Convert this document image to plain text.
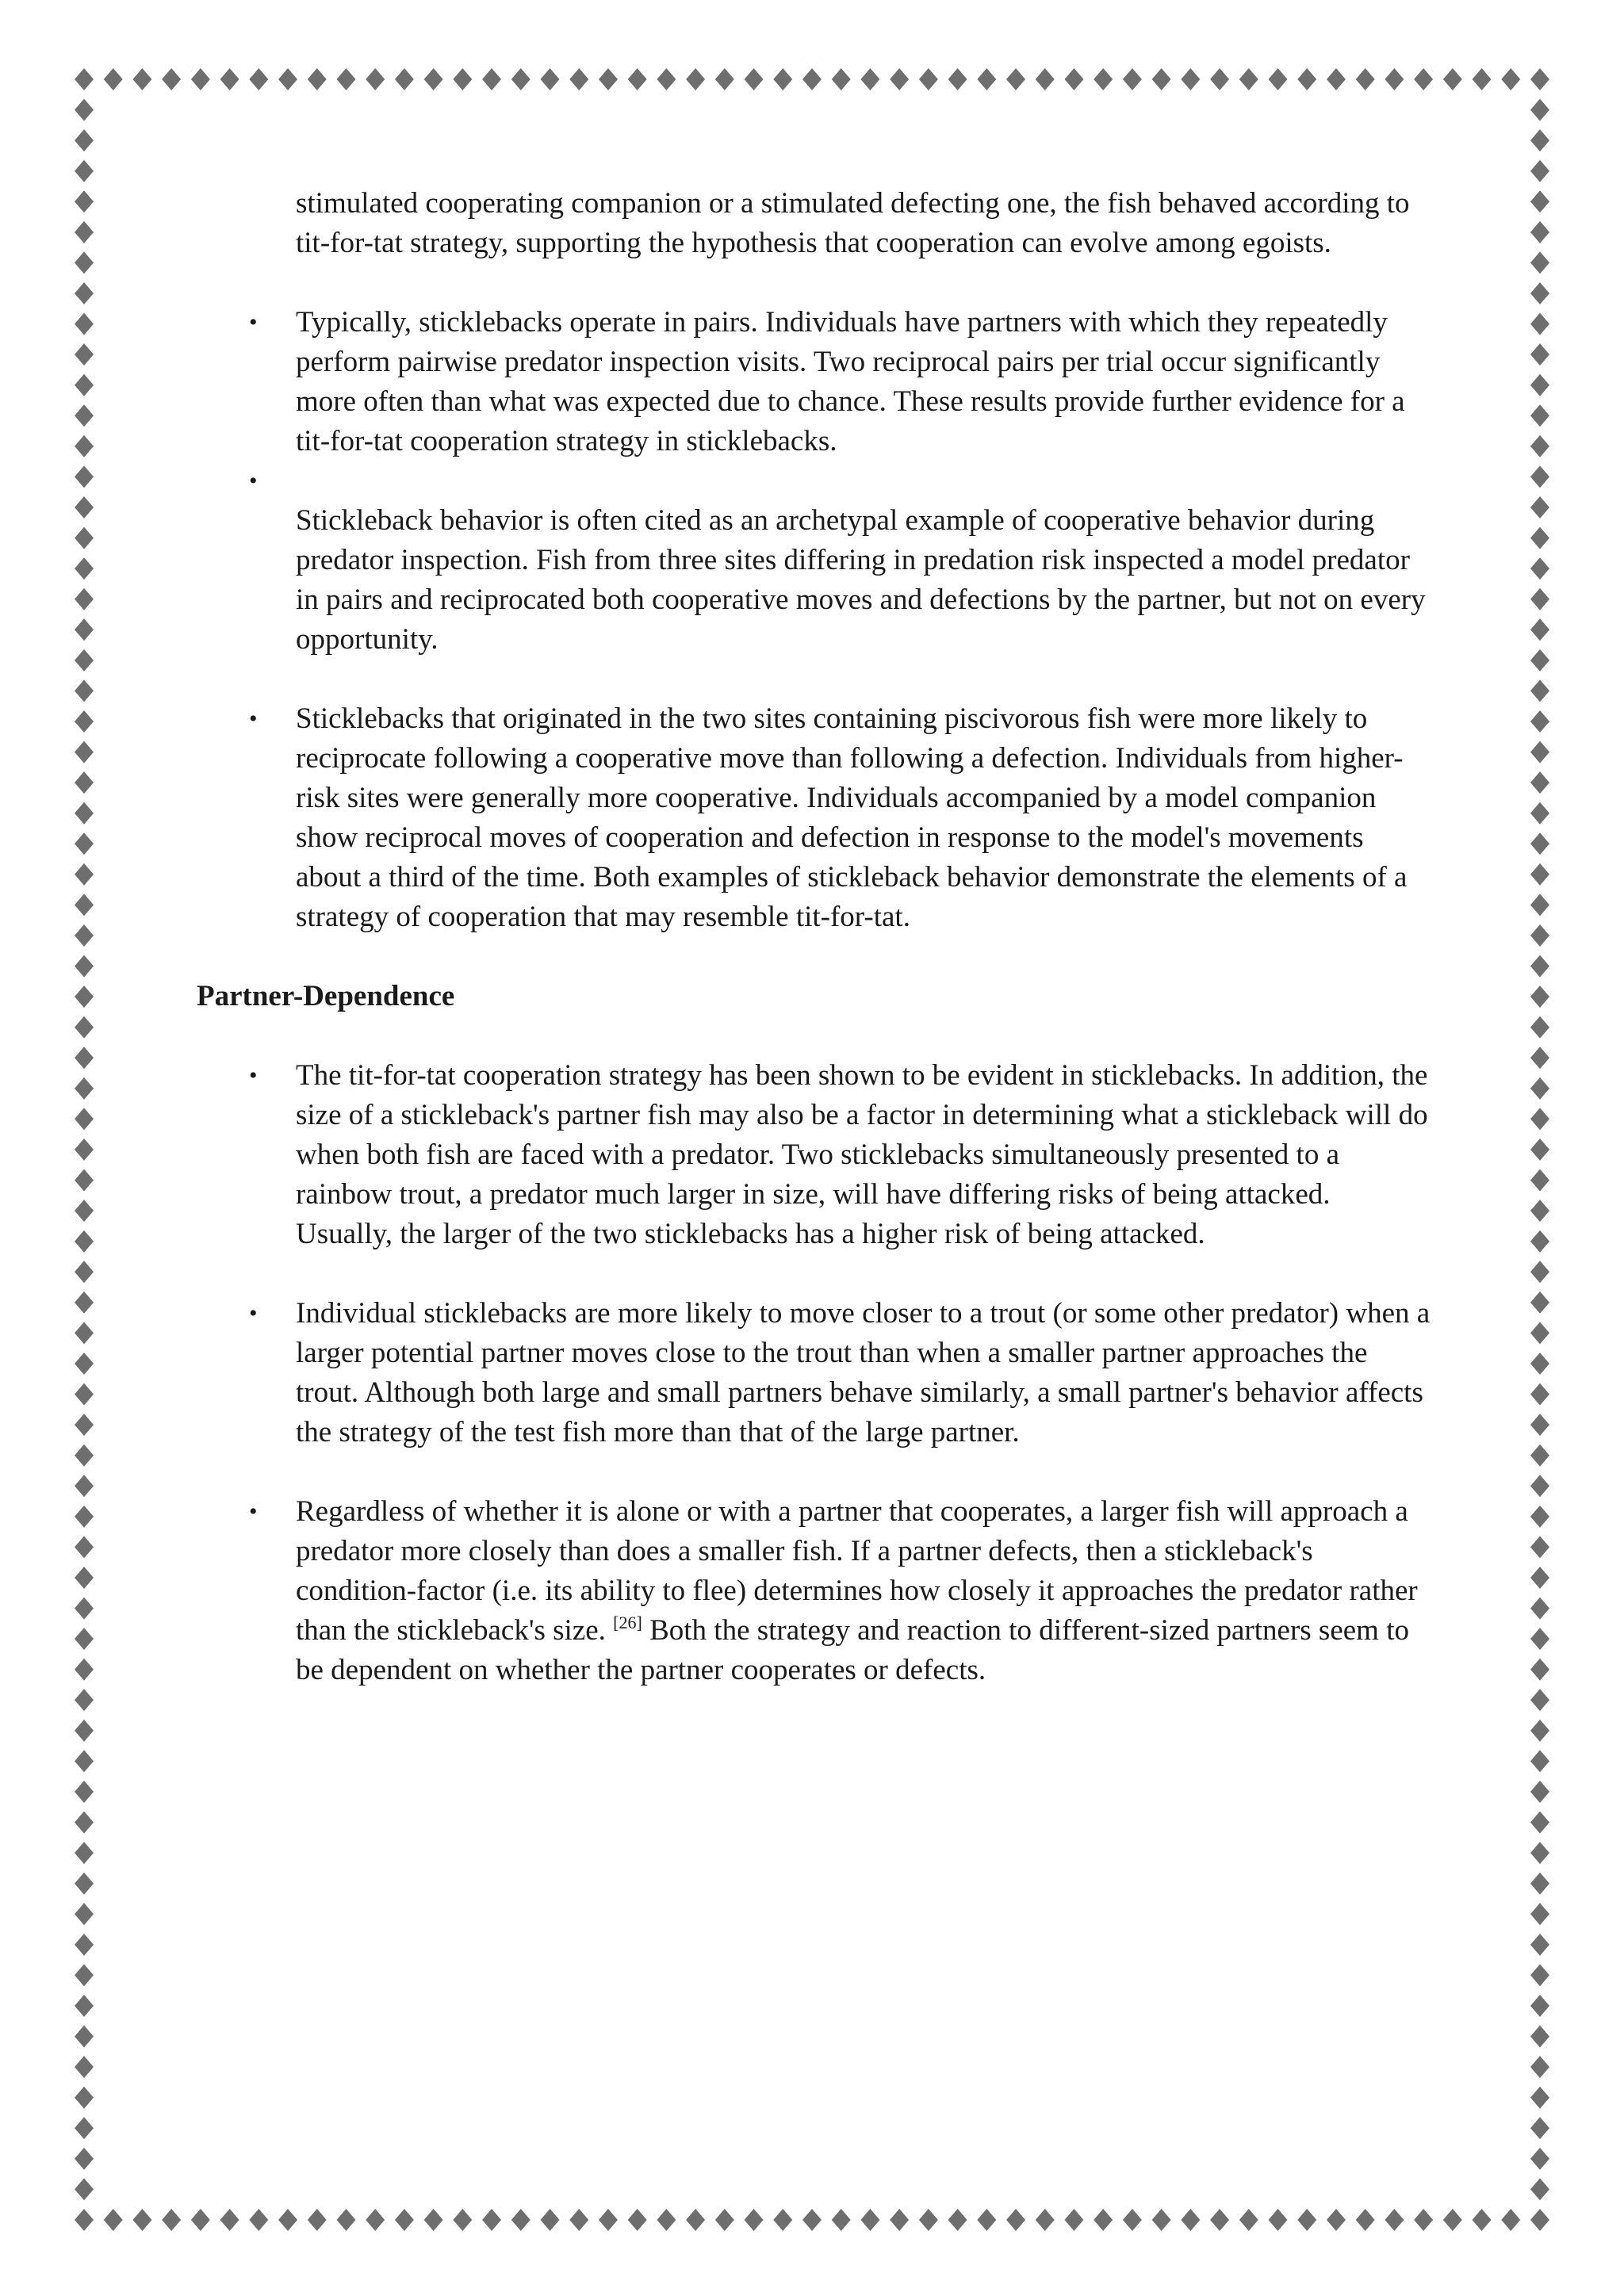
stimulated cooperating companion or a stimulated defecting one, the fish behaved according to tit-for-tat strategy, supporting the hypothesis that cooperation can evolve among egoists.

• Typically, sticklebacks operate in pairs. Individuals have partners with which they repeatedly perform pairwise predator inspection visits. Two reciprocal pairs per trial occur significantly more often than what was expected due to chance. These results provide further evidence for a tit-for-tat cooperation strategy in sticklebacks.
•

Stickleback behavior is often cited as an archetypal example of cooperative behavior during predator inspection. Fish from three sites differing in predation risk inspected a model predator in pairs and reciprocated both cooperative moves and defections by the partner, but not on every opportunity.

• Sticklebacks that originated in the two sites containing piscivorous fish were more likely to reciprocate following a cooperative move than following a defection. Individuals from higher-risk sites were generally more cooperative. Individuals accompanied by a model companion show reciprocal moves of cooperation and defection in response to the model's movements about a third of the time. Both examples of stickleback behavior demonstrate the elements of a strategy of cooperation that may resemble tit-for-tat.
Partner-Dependence
• The tit-for-tat cooperation strategy has been shown to be evident in sticklebacks. In addition, the size of a stickleback's partner fish may also be a factor in determining what a stickleback will do when both fish are faced with a predator. Two sticklebacks simultaneously presented to a rainbow trout, a predator much larger in size, will have differing risks of being attacked. Usually, the larger of the two sticklebacks has a higher risk of being attacked.
• Individual sticklebacks are more likely to move closer to a trout (or some other predator) when a larger potential partner moves close to the trout than when a smaller partner approaches the trout. Although both large and small partners behave similarly, a small partner's behavior affects the strategy of the test fish more than that of the large partner.
• Regardless of whether it is alone or with a partner that cooperates, a larger fish will approach a predator more closely than does a smaller fish. If a partner defects, then a stickleback's condition-factor (i.e. its ability to flee) determines how closely it approaches the predator rather than the stickleback's size. [26] Both the strategy and reaction to different-sized partners seem to be dependent on whether the partner cooperates or defects.
